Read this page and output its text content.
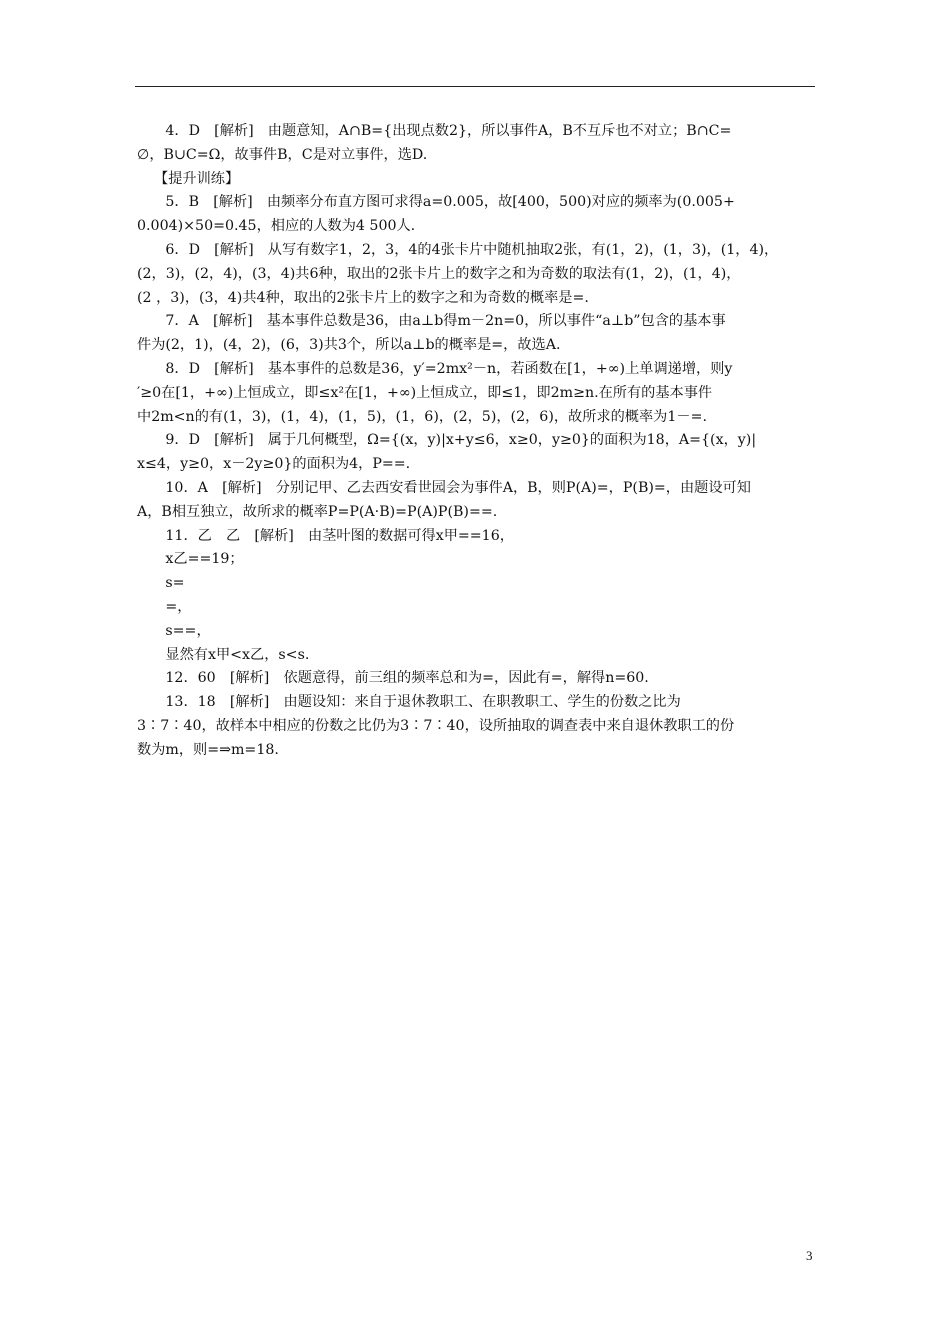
4．D　[解析]　由题意知，A∩B={出现点数2}，所以事件A，B不互斥也不对立；B∩C=

∅，B∪C=Ω，故事件B，C是对立事件，选D.

【提升训练】

5．B　[解析]　由频率分布直方图可求得a=0.005，故[400，500)对应的频率为(0.005+

0.004)×50=0.45，相应的人数为4 500人.

6．D　[解析]　从写有数字1，2，3，4的4张卡片中随机抽取2张，有(1，2)，(1，3)，(1，4)，

(2，3)，(2，4)，(3，4)共6种，取出的2张卡片上的数字之和为奇数的取法有(1，2)，(1，4)，

(2 ，3)，(3，4)共4种，取出的2张卡片上的数字之和为奇数的概率是=.

7．A　[解析]　基本事件总数是36，由a⊥b得m－2n=0，所以事件“a⊥b”包含的基本事

件为(2，1)，(4，2)，(6，3)共3个，所以a⊥b的概率是=，故选A.

8．D　[解析]　基本事件的总数是36，y′=2mx²－n，若函数在[1，+∞)上单调递增，则y

′≥0在[1，+∞)上恒成立，即≤x²在[1，+∞)上恒成立，即≤1，即2m≥n.在所有的基本事件

中2m<n的有(1，3)，(1，4)，(1，5)，(1，6)，(2，5)，(2，6)，故所求的概率为1－=.

9．D　[解析]　属于几何概型，Ω={(x，y)|x+y≤6，x≥0，y≥0}的面积为18，A={(x，y)|

x≤4，y≥0，x－2y≥0}的面积为4，P==.

10．A　[解析]　分别记甲、乙去西安看世园会为事件A，B，则P(A)=，P(B)=，由题设可知

A，B相互独立，故所求的概率P=P(A·B)=P(A)P(B)==.

11．乙　乙　[解析]　由茎叶图的数据可得x甲==16，

x乙==19；

s=

=，

s==，

显然有x甲<x乙，s<s.

12．60　[解析]　依题意得，前三组的频率总和为=，因此有=，解得n=60.

13．18　[解析]　由题设知：来自于退休教职工、在职教职工、学生的份数之比为

3∶7∶40，故样本中相应的份数之比仍为3∶7∶40，设所抽取的调查表中来自退休教职工的份

数为m，则=⇒m=18.

3
